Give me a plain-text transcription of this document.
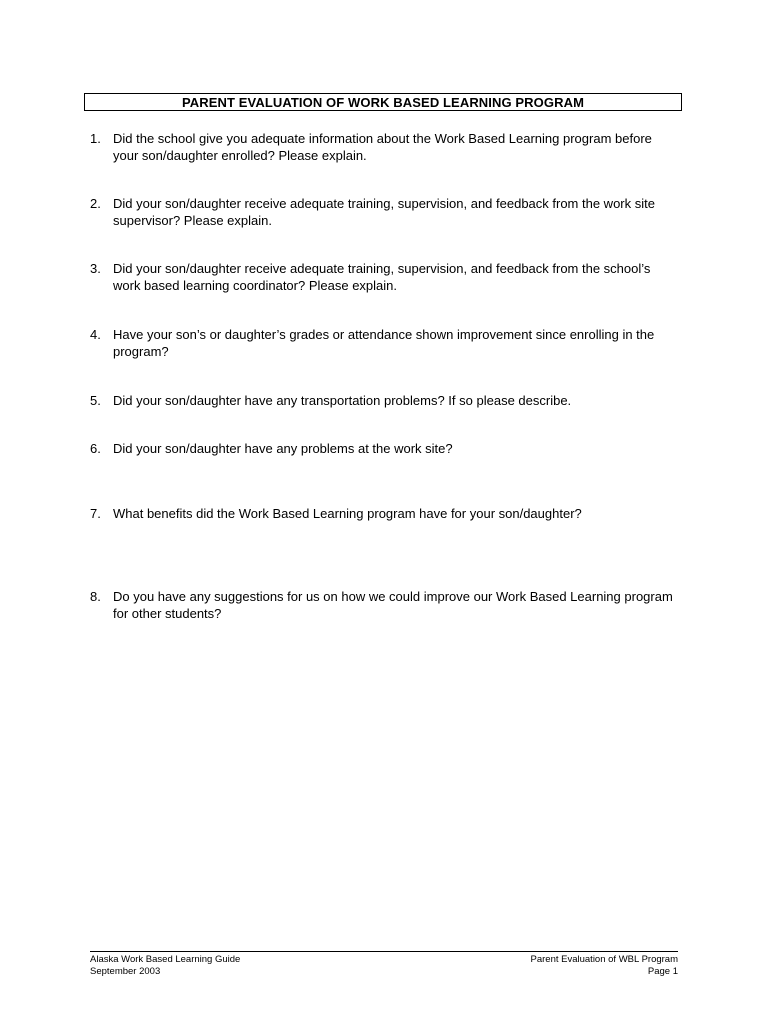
PARENT EVALUATION OF WORK BASED LEARNING PROGRAM
1. Did the school give you adequate information about the Work Based Learning program before your son/daughter enrolled? Please explain.
2. Did your son/daughter receive adequate training, supervision, and feedback from the work site supervisor? Please explain.
3. Did your son/daughter receive adequate training, supervision, and feedback from the school’s work based learning coordinator? Please explain.
4. Have your son’s or daughter’s grades or attendance shown improvement since enrolling in the program?
5. Did your son/daughter have any transportation problems? If so please describe.
6. Did your son/daughter have any problems at the work site?
7. What benefits did the Work Based Learning program have for your son/daughter?
8. Do you have any suggestions for us on how we could improve our Work Based Learning program for other students?
Alaska Work Based Learning Guide
September 2003
Parent Evaluation of WBL Program
Page 1
